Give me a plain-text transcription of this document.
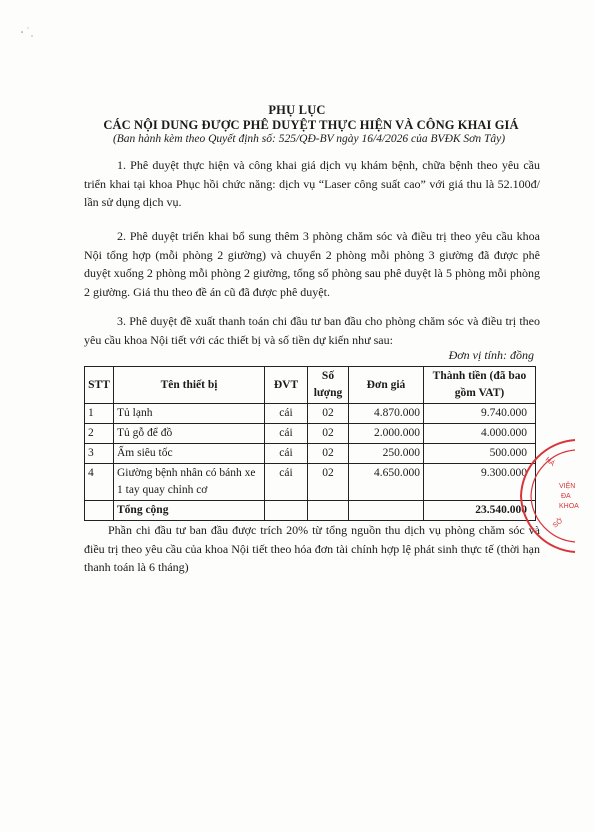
PHỤ LỤC
CÁC NỘI DUNG ĐƯỢC PHÊ DUYỆT THỰC HIỆN VÀ CÔNG KHAI GIÁ
(Ban hành kèm theo Quyết định số: 525/QĐ-BV ngày 16/4/2026 của BVĐK Sơn Tây)

1. Phê duyệt thực hiện và công khai giá dịch vụ khám bệnh, chữa bệnh theo yêu cầu triển khai tại khoa Phục hồi chức năng: dịch vụ “Laser công suất cao” với giá thu là 52.100đ/ lần sử dụng dịch vụ.

2. Phê duyệt triển khai bổ sung thêm 3 phòng chăm sóc và điều trị theo yêu cầu khoa Nội tổng hợp (mỗi phòng 2 giường) và chuyển 2 phòng mỗi phòng 3 giường đã được phê duyệt xuống 2 phòng mỗi phòng 2 giường, tổng số phòng sau phê duyệt là 5 phòng mỗi phòng 2 giường. Giá thu theo đề án cũ đã được phê duyệt.

3. Phê duyệt đề xuất thanh toán chi đầu tư ban đầu cho phòng chăm sóc và điều trị theo yêu cầu khoa Nội tiết với các thiết bị và số tiền dự kiến như sau:

Đơn vị tính: đồng
STT	Tên thiết bị	ĐVT	Số lượng	Đơn giá	Thành tiền (đã bao gồm VAT)
1	Tủ lạnh	cái	02	4.870.000	9.740.000
2	Tủ gỗ để đồ	cái	02	2.000.000	4.000.000
3	Ấm siêu tốc	cái	02	250.000	500.000
4	Giường bệnh nhân có bánh xe 1 tay quay chỉnh cơ	cái	02	4.650.000	9.300.000
	Tổng cộng				23.540.000

Phần chi đầu tư ban đầu được trích 20% từ tổng nguồn thu dịch vụ phòng chăm sóc và điều trị theo yêu cầu của khoa Nội tiết theo hóa đơn tài chính hợp lệ phát sinh thực tế (thời hạn thanh toán là 6 tháng)

HÀ
VIỆN
ĐA
KHOA
SỞ
